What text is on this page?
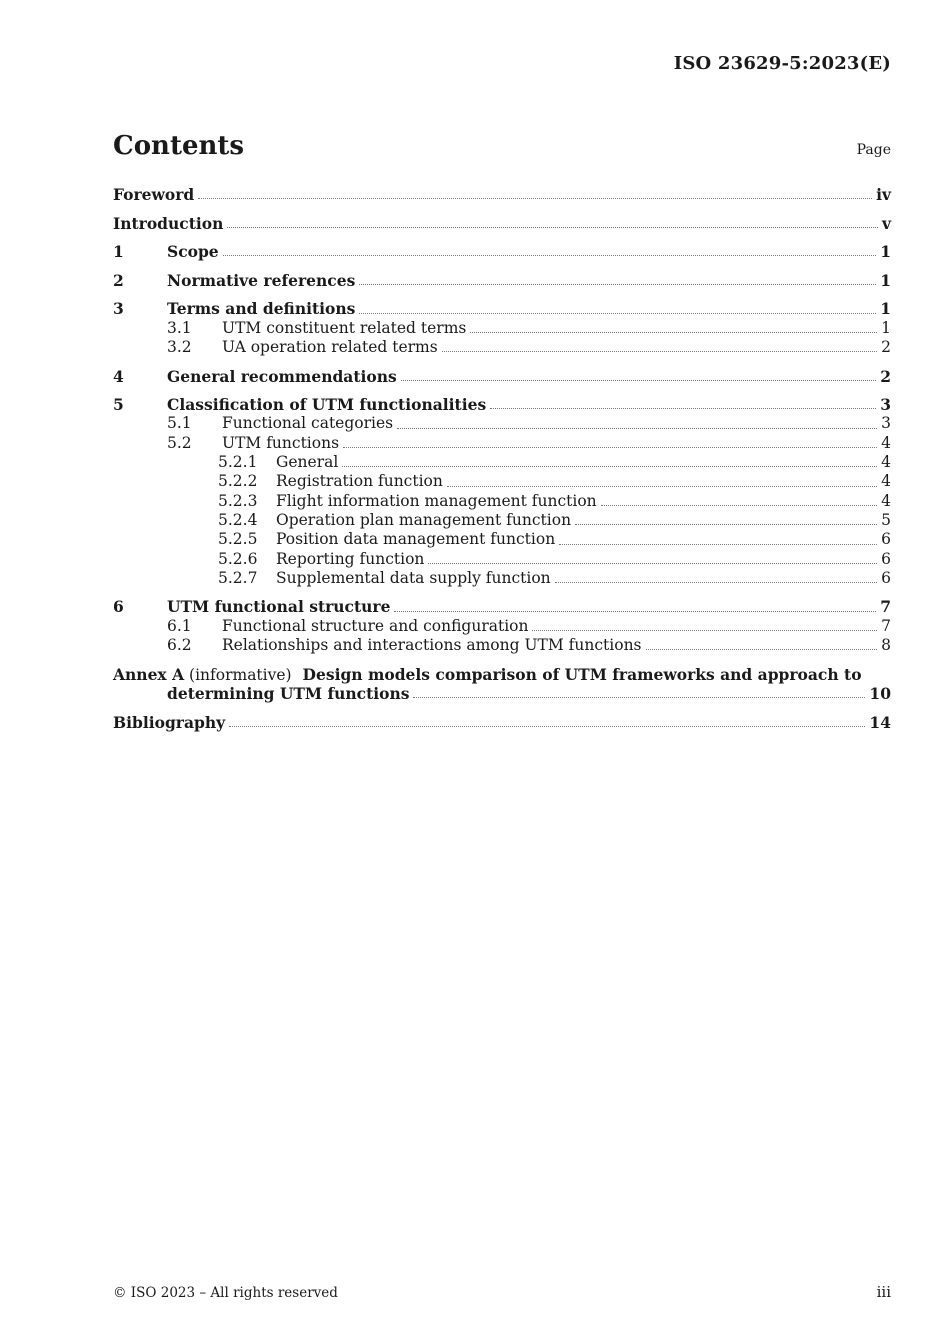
ISO 23629-5:2023(E)
Contents	Page
Foreword	iv
Introduction	v
1	Scope	1
2	Normative references	1
3	Terms and definitions	1
3.1 UTM constituent related terms	1
3.2 UA operation related terms	2
4	General recommendations	2
5	Classification of UTM functionalities	3
5.1 Functional categories	3
5.2 UTM functions	4
5.2.1 General	4
5.2.2 Registration function	4
5.2.3 Flight information management function	4
5.2.4 Operation plan management function	5
5.2.5 Position data management function	6
5.2.6 Reporting function	6
5.2.7 Supplemental data supply function	6
6	UTM functional structure	7
6.1 Functional structure and configuration	7
6.2 Relationships and interactions among UTM functions	8
Annex A (informative) Design models comparison of UTM frameworks and approach to
determining UTM functions	10
Bibliography	14
© ISO 2023 – All rights reserved	iii
